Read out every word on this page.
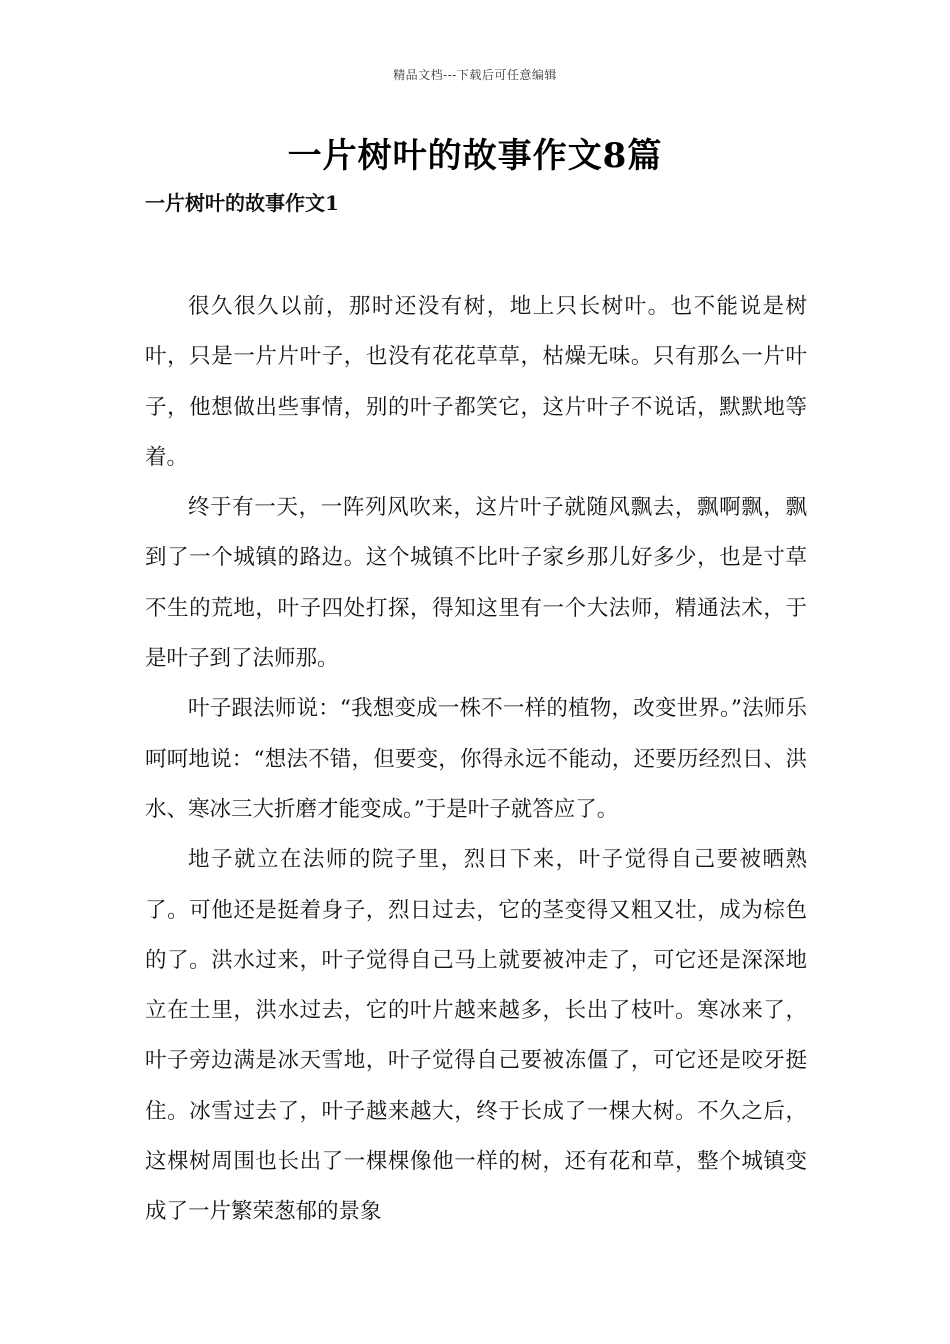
精品文档---下载后可任意编辑
一片树叶的故事作文8篇
一片树叶的故事作文1

很久很久以前，那时还没有树，地上只长树叶。也不能说是树叶，只是一片片叶子，也没有花花草草，枯燥无味。只有那么一片叶子，他想做出些事情，别的叶子都笑它，这片叶子不说话，默默地等着。

终于有一天，一阵列风吹来，这片叶子就随风飘去，飘啊飘，飘到了一个城镇的路边。这个城镇不比叶子家乡那儿好多少，也是寸草不生的荒地，叶子四处打探，得知这里有一个大法师，精通法术，于是叶子到了法师那。

叶子跟法师说：“我想变成一株不一样的植物，改变世界。”法师乐呵呵地说：“想法不错，但要变，你得永远不能动，还要历经烈日、洪水、寒冰三大折磨才能变成。”于是叶子就答应了。

地子就立在法师的院子里，烈日下来，叶子觉得自己要被晒熟了。可他还是挺着身子，烈日过去，它的茎变得又粗又壮，成为棕色的了。洪水过来，叶子觉得自己马上就要被冲走了，可它还是深深地立在土里，洪水过去，它的叶片越来越多，长出了枝叶。寒冰来了，叶子旁边满是冰天雪地，叶子觉得自己要被冻僵了，可它还是咬牙挺住。冰雪过去了，叶子越来越大，终于长成了一棵大树。不久之后，这棵树周围也长出了一棵棵像他一样的树，还有花和草，整个城镇变成了一片繁荣葱郁的景象
